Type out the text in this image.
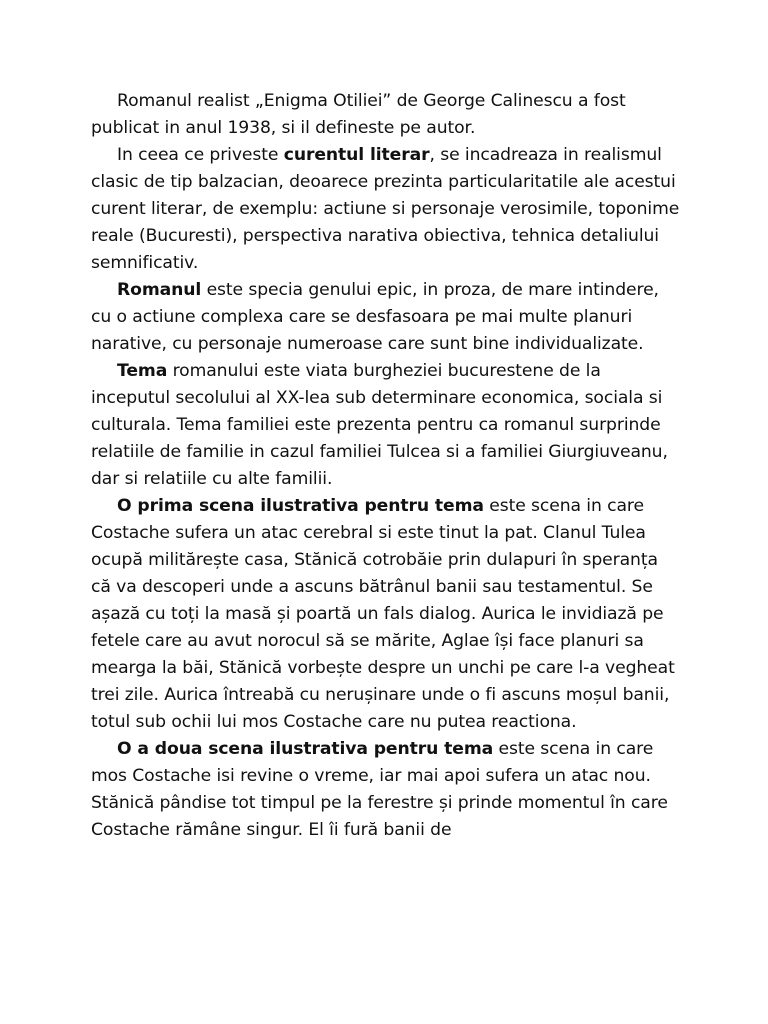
Romanul realist „Enigma Otiliei” de George Calinescu a fost publicat in anul 1938, si il defineste pe autor.

In ceea ce priveste curentul literar, se incadreaza in realismul clasic de tip balzacian, deoarece prezinta particularitatile ale acestui curent literar, de exemplu: actiune si personaje verosimile, toponime reale (Bucuresti), perspectiva narativa obiectiva, tehnica detaliului semnificativ.

Romanul este specia genului epic, in proza, de mare intindere, cu o actiune complexa care se desfasoara pe mai multe planuri narative, cu personaje numeroase care sunt bine individualizate.

Tema romanului este viata burgheziei bucurestene de la inceputul secolului al XX-lea sub determinare economica, sociala si culturala. Tema familiei este prezenta pentru ca romanul surprinde relatiile de familie in cazul familiei Tulcea si a familiei Giurgiuveanu, dar si relatiile cu alte familii.

O prima scena ilustrativa pentru tema este scena in care Costache sufera un atac cerebral si este tinut la pat. Clanul Tulea ocupă militărește casa, Stănică cotrobăie prin dulapuri în speranța că va descoperi unde a ascuns bătrânul banii sau testamentul. Se așază cu toți la masă și poartă un fals dialog. Aurica le invidiază pe fetele care au avut norocul să se mărite, Aglae își face planuri sa mearga la băi, Stănică vorbește despre un unchi pe care l-a vegheat trei zile. Aurica întreabă cu nerușinare unde o fi ascuns moșul banii, totul sub ochii lui mos Costache care nu putea reactiona.

O a doua scena ilustrativa pentru tema este scena in care mos Costache isi revine o vreme, iar mai apoi sufera un atac nou. Stănică pândise tot timpul pe la ferestre și prinde momentul în care Costache rămâne singur. El îi fură banii de
